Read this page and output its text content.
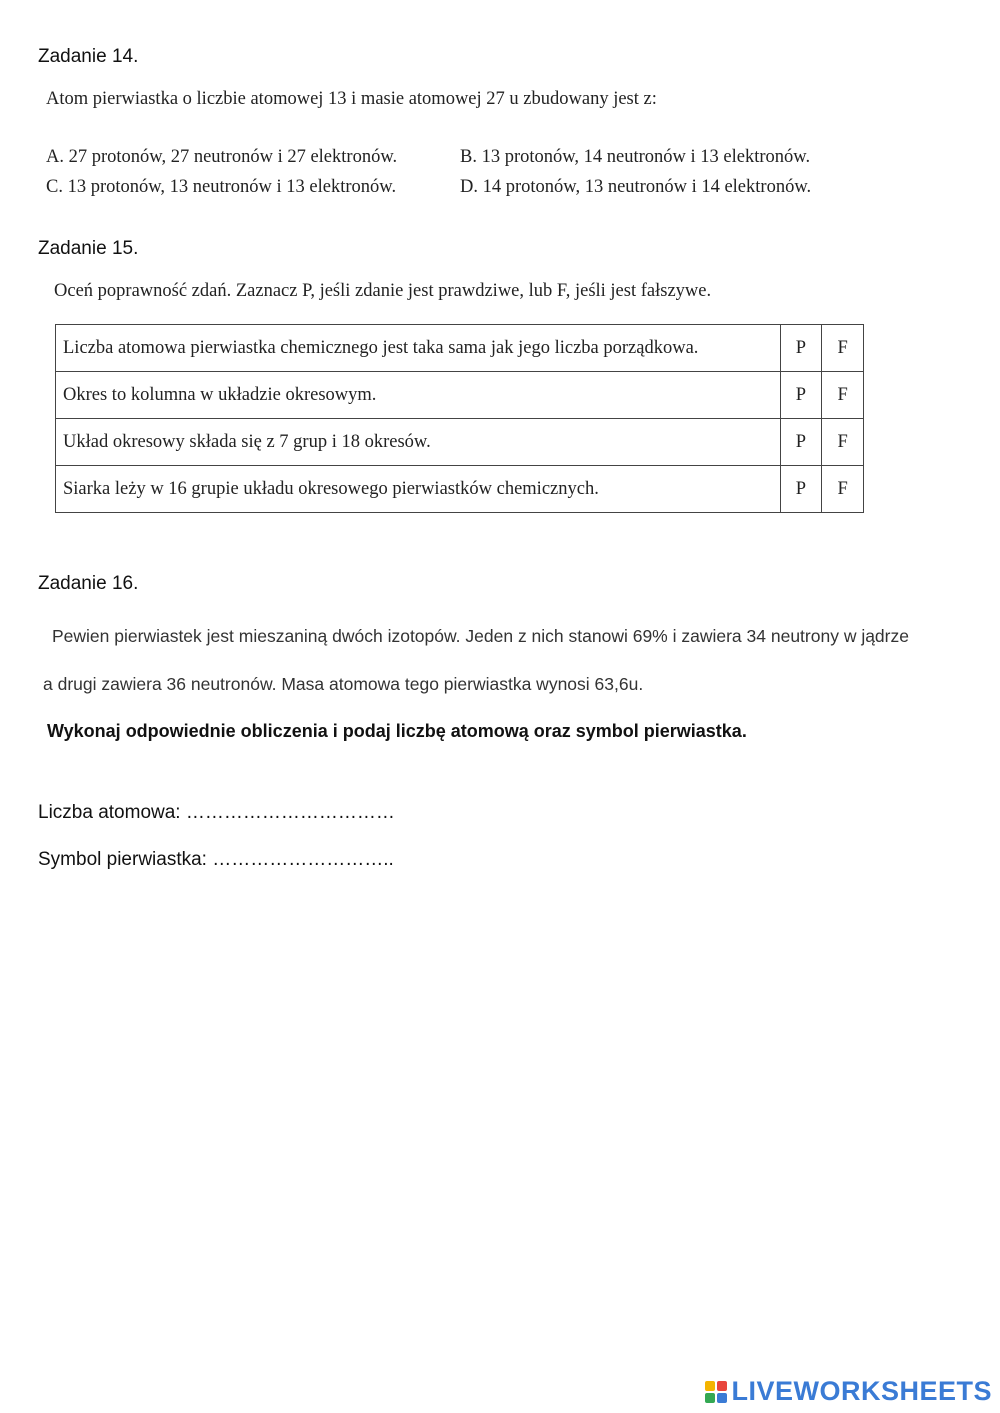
Zadanie 14.
Atom pierwiastka o liczbie atomowej 13 i masie atomowej 27 u zbudowany jest z:
A. 27 protonów, 27 neutronów i 27 elektronów.	B. 13 protonów, 14 neutronów i 13 elektronów.
C. 13 protonów, 13 neutronów i 13 elektronów.	D. 14 protonów, 13 neutronów i 14 elektronów.
Zadanie 15.
Oceń poprawność zdań. Zaznacz P, jeśli zdanie jest prawdziwe, lub F, jeśli jest fałszywe.
Liczba atomowa pierwiastka chemicznego jest taka sama jak jego liczba porządkowa.	P	F
Okres to kolumna w układzie okresowym.	P	F
Układ okresowy składa się z 7 grup i 18 okresów.	P	F
Siarka leży w 16 grupie układu okresowego pierwiastków chemicznych.	P	F
Zadanie 16.
Pewien pierwiastek jest mieszaniną dwóch izotopów. Jeden z nich stanowi 69% i zawiera 34 neutrony w jądrze
a drugi zawiera 36 neutronów. Masa atomowa tego pierwiastka wynosi 63,6u.
Wykonaj odpowiednie obliczenia i podaj liczbę atomową oraz symbol pierwiastka.
Liczba atomowa: ……………………………
Symbol pierwiastka: ………………………..
LIVEWORKSHEETS
